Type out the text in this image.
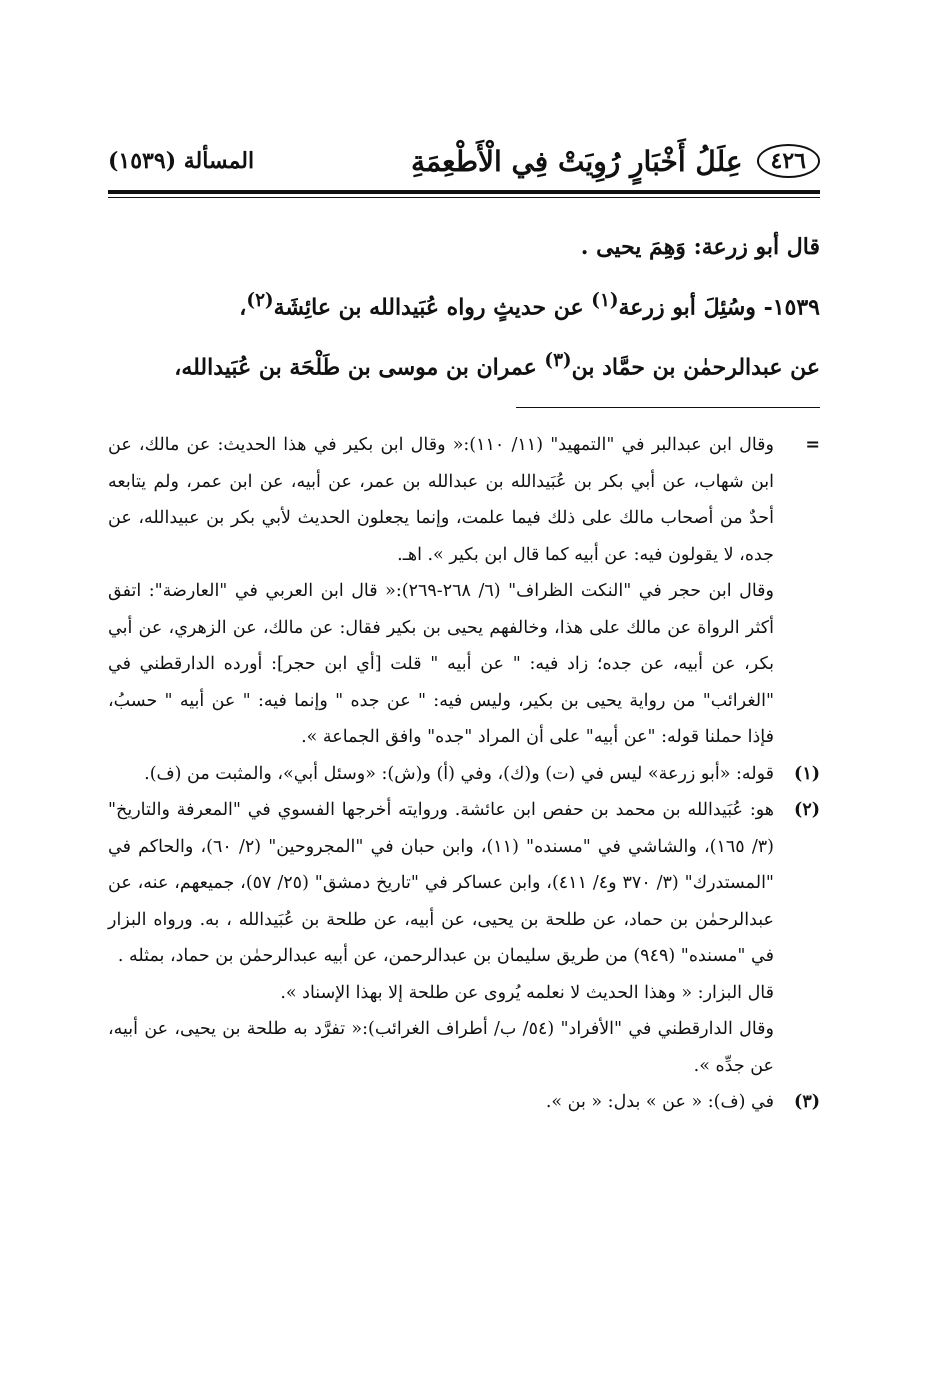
٤٢٦
عِلَلُ أَخْبَارٍ رُوِيَتْ فِي الْأَطْعِمَةِ
المسألة (١٥٣٩)

قال أبو زرعة: وَهِمَ يحيى .

١٥٣٩- وسُئِلَ أبو زرعة$^{(١)}$ عن حديثٍ رواه عُبَيدالله بن عائِشَة$^{(٢)}$،

عن عبدالرحمٰن بن حمَّاد بن$^{(٣)}$ عمران بن موسى بن طَلْحَة بن عُبَيدالله،

=

وقال ابن عبدالبر في "التمهيد" (١١/ ١١٠):« وقال ابن بكير في هذا الحديث: عن مالك، عن ابن شهاب، عن أبي بكر بن عُبَيدالله بن عبدالله بن عمر، عن أبيه، عن ابن عمر، ولم يتابعه أحدٌ من أصحاب مالك على ذلك فيما علمت، وإنما يجعلون الحديث لأبي بكر بن عبيدالله، عن جده، لا يقولون فيه: عن أبيه كما قال ابن بكير ». اهـ.

وقال ابن حجر في "النكت الظراف" (٦/ ٢٦٨-٢٦٩):« قال ابن العربي في "العارضة": اتفق أكثر الرواة عن مالك على هذا، وخالفهم يحيى بن بكير فقال: عن مالك، عن الزهري، عن أبي بكر، عن أبيه، عن جده؛ زاد فيه: " عن أبيه " قلت [أي ابن حجر]: أورده الدارقطني في "الغرائب" من رواية يحيى بن بكير، وليس فيه: " عن جده " وإنما فيه: " عن أبيه " حسبُ، فإذا حملنا قوله: "عن أبيه" على أن المراد "جده" وافق الجماعة ».

(١)

قوله: «أبو زرعة» ليس في (ت) و(ك)، وفي (أ) و(ش): «وسئل أبي»، والمثبت من (ف).

(٢)

هو: عُبَيدالله بن محمد بن حفص ابن عائشة. وروايته أخرجها الفسوي في "المعرفة والتاريخ" (٣/ ١٦٥)، والشاشي في "مسنده" (١١)، وابن حبان في "المجروحين" (٢/ ٦٠)، والحاكم في "المستدرك" (٣/ ٣٧٠ و٤/ ٤١١)، وابن عساكر في "تاريخ دمشق" (٢٥/ ٥٧)، جميعهم، عنه، عن عبدالرحمٰن بن حماد، عن طلحة بن يحيى، عن أبيه، عن طلحة بن عُبَيدالله ، به. ورواه البزار في "مسنده" (٩٤٩) من طريق سليمان بن عبدالرحمن، عن أبيه عبدالرحمٰن بن حماد، بمثله .

قال البزار: « وهذا الحديث لا نعلمه يُروى عن طلحة إلا بهذا الإسناد ».

وقال الدارقطني في "الأفراد" (٥٤/ ب/ أطراف الغرائب):« تفرَّد به طلحة بن يحيى، عن أبيه، عن جدِّه ».

(٣)

في (ف): « عن » بدل: « بن ».
